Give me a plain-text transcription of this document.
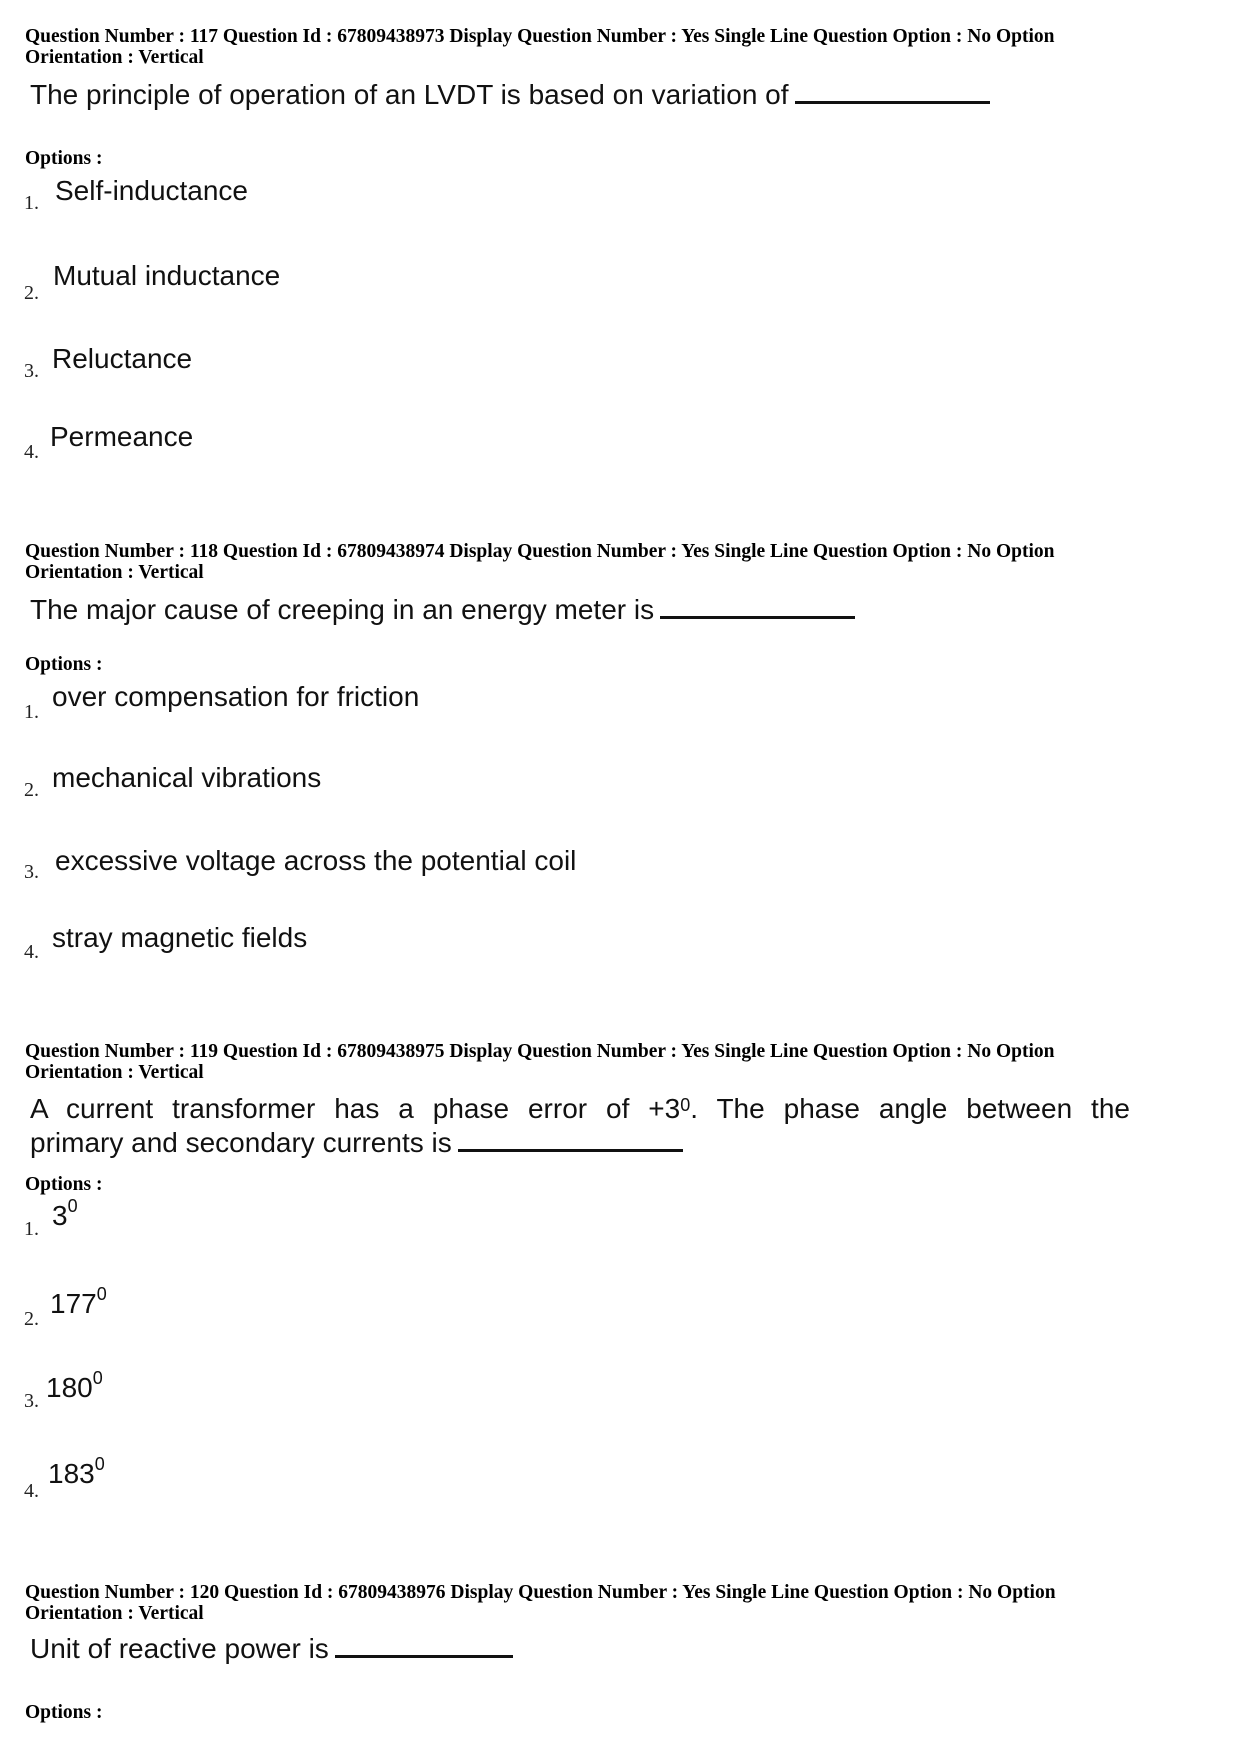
Question Number : 117 Question Id : 67809438973 Display Question Number : Yes Single Line Question Option : No Option
Orientation : Vertical
The principle of operation of an LVDT is based on variation of
Options :
1. Self-inductance
2.
Mutual inductance
3. Reluctance
4. Permeance
Question Number : 118 Question Id : 67809438974 Display Question Number : Yes Single Line Question Option : No Option
Orientation : Vertical
The major cause of creeping in an energy meter is
Options :
1. over compensation for friction
2. mechanical vibrations
3. excessive voltage across the potential coil
4. stray magnetic fields
Question Number : 119 Question Id : 67809438975 Display Question Number : Yes Single Line Question Option : No Option
Orientation : Vertical
A current transformer has a phase error of $+3^0$. The phase angle between the
primary and secondary currents is
Options :
1. $3^0$
2. $177^0$
3. $180^0$
4.
$183^0$
Question Number : 120 Question Id : 67809438976 Display Question Number : Yes Single Line Question Option : No Option
Orientation : Vertical
Unit of reactive power is
Options :
